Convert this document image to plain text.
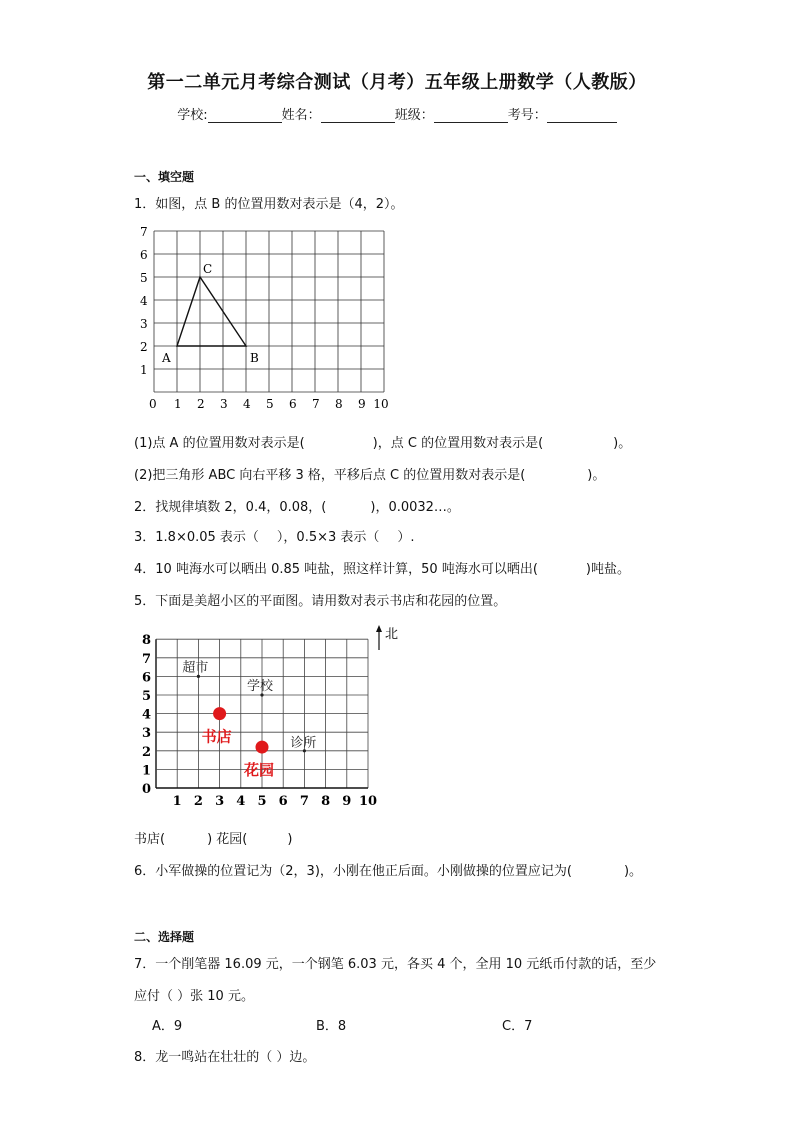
第一二单元月考综合测试（月考）五年级上册数学（人教版）
学校:	姓名：	班级：	考号：
一、填空题
1．如图，点 B 的位置用数对表示是（4，2）。
0 1 2 3 4 5 6 7 8 9 10
1
2
3
4
5
6
7
A	B
C
(1)点 A 的位置用数对表示是(	)，点 C 的位置用数对表示是(	)。
(2)把三角形 ABC 向右平移 3 格，平移后点 C 的位置用数对表示是(	)。
2．找规律填数 2，0.4，0.08，(	)，0.0032…。
3．1.8×0.05 表示（ ），0.5×3 表示（ ）.
4．10 吨海水可以晒出 0.85 吨盐，照这样计算，50 吨海水可以晒出(	)吨盐。
5．下面是美超小区的平面图。请用数对表示书店和花园的位置。
0
1 2 3 4 5 6 7 8 9 10
1
2
3
4
5
6
7
8	北
超市
学校
书店
花园
诊所
书店(	) 花园(	)
6．小军做操的位置记为（2，3)，小刚在他正后面。小刚做操的位置应记为(	)。
二、选择题
7．一个削笔器 16.09 元，一个钢笔 6.03 元，各买 4 个，全用 10 元纸币付款的话，至少
应付（ ）张 10 元。
A．9	B．8	C．7
8．龙一鸣站在壮壮的（ ）边。
